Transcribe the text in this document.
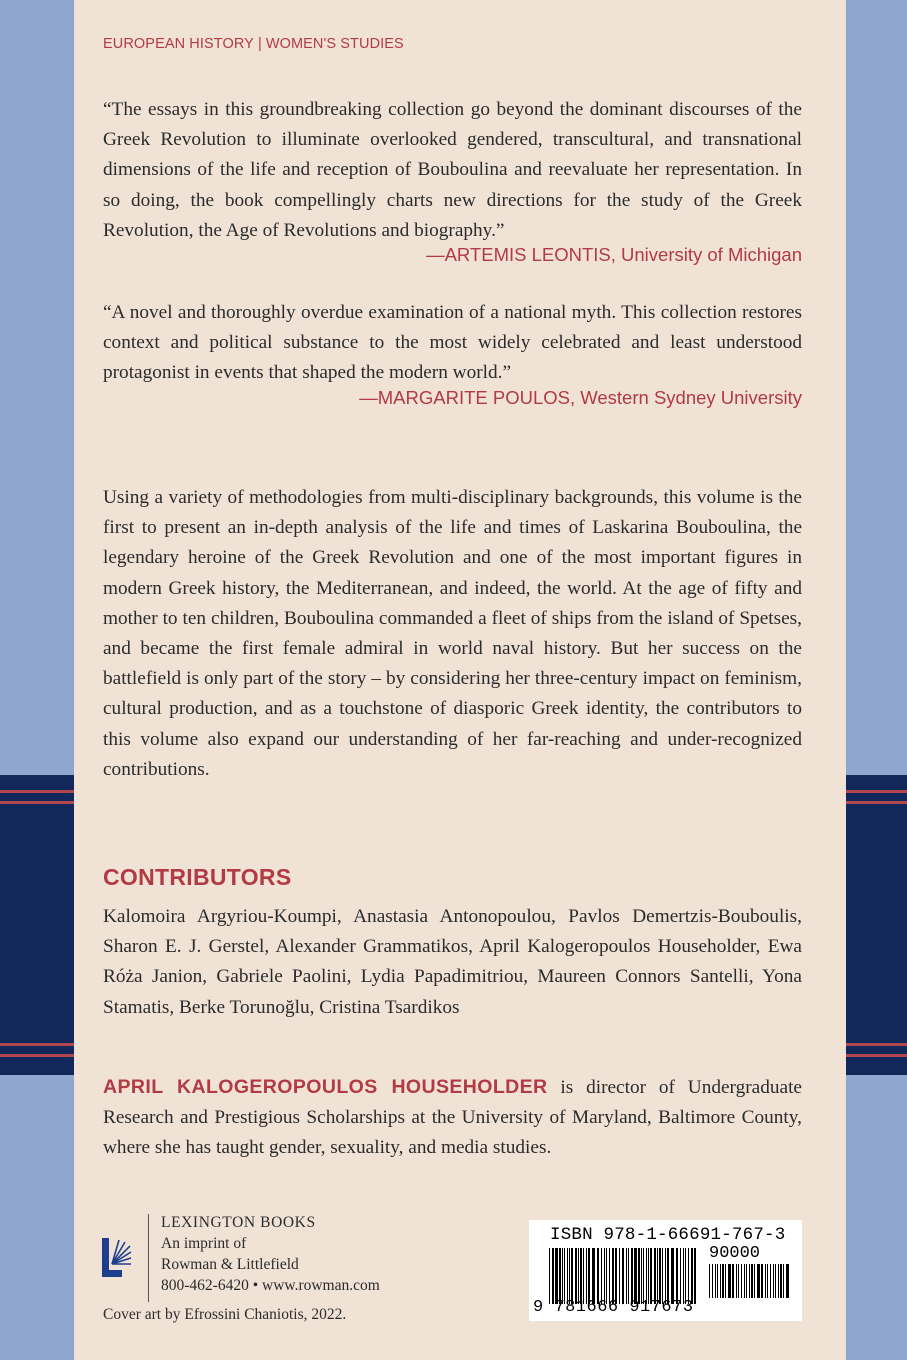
EUROPEAN HISTORY | WOMEN'S STUDIES

“The essays in this groundbreaking collection go beyond the dominant discourses of the Greek Revolution to illuminate overlooked gendered, transcultural, and transnational dimensions of the life and reception of Bouboulina and reevaluate her representation. In so doing, the book compellingly charts new directions for the study of the Greek Revolution, the Age of Revolutions and biography.”

—ARTEMIS LEONTIS, University of Michigan

“A novel and thoroughly overdue examination of a national myth. This collection restores context and political substance to the most widely celebrated and least understood protagonist in events that shaped the modern world.”

—MARGARITE POULOS, Western Sydney University

Using a variety of methodologies from multi-disciplinary backgrounds, this volume is the first to present an in-depth analysis of the life and times of Laskarina Bouboulina, the legendary heroine of the Greek Revolution and one of the most important figures in modern Greek history, the Mediterranean, and indeed, the world. At the age of fifty and mother to ten children, Bouboulina commanded a fleet of ships from the island of Spetses, and became the first female admiral in world naval history. But her success on the battlefield is only part of the story – by considering her three-century impact on feminism, cultural production, and as a touchstone of diasporic Greek identity, the contributors to this volume also expand our understanding of her far-reaching and under-recognized contributions.

CONTRIBUTORS

Kalomoira Argyriou-Koumpi, Anastasia Antonopoulou, Pavlos Demertzis-Bouboulis, Sharon E. J. Gerstel, Alexander Grammatikos, April Kalogeropoulos Householder, Ewa Róża Janion, Gabriele Paolini, Lydia Papadimitriou, Maureen Connors Santelli, Yona Stamatis, Berke Torunoğlu, Cristina Tsardikos

APRIL KALOGEROPOULOS HOUSEHOLDER is director of Undergraduate Research and Prestigious Scholarships at the University of Maryland, Baltimore County, where she has taught gender, sexuality, and media studies.

LEXINGTON BOOKS
An imprint of
Rowman & Littlefield
800-462-6420 • www.rowman.com
Cover art by Efrossini Chaniotis, 2022.
ISBN 978-1-66691-767-3
90000
9 781666 917673
